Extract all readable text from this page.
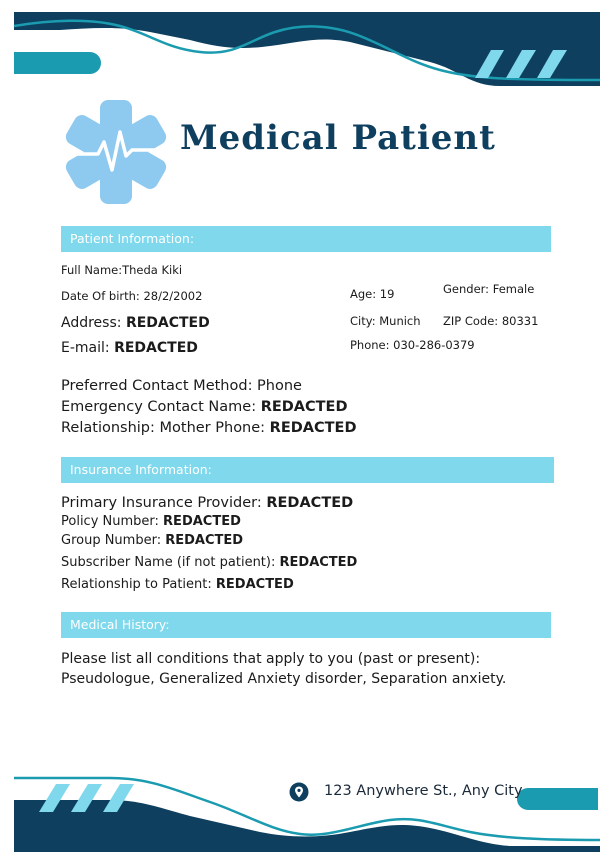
Medical Patient
Patient Information:
Full Name:Theda Kiki
Date Of birth: 28/2/2002
Address: REDACTED
E-mail: REDACTED
Age: 19	Gender: Female
City: Munich ZIP Code: 80331
Phone: 030-286-0379
Preferred Contact Method: Phone
Emergency Contact Name: REDACTED
Relationship: Mother Phone: REDACTED
Insurance Information:
Primary Insurance Provider: REDACTED
Policy Number: REDACTED
Group Number: REDACTED
Subscriber Name (if not patient): REDACTED
Relationship to Patient: REDACTED
Medical History:
Please list all conditions that apply to you (past or present):
Pseudologue, Generalized Anxiety disorder, Separation anxiety.
123 Anywhere St., Any City
